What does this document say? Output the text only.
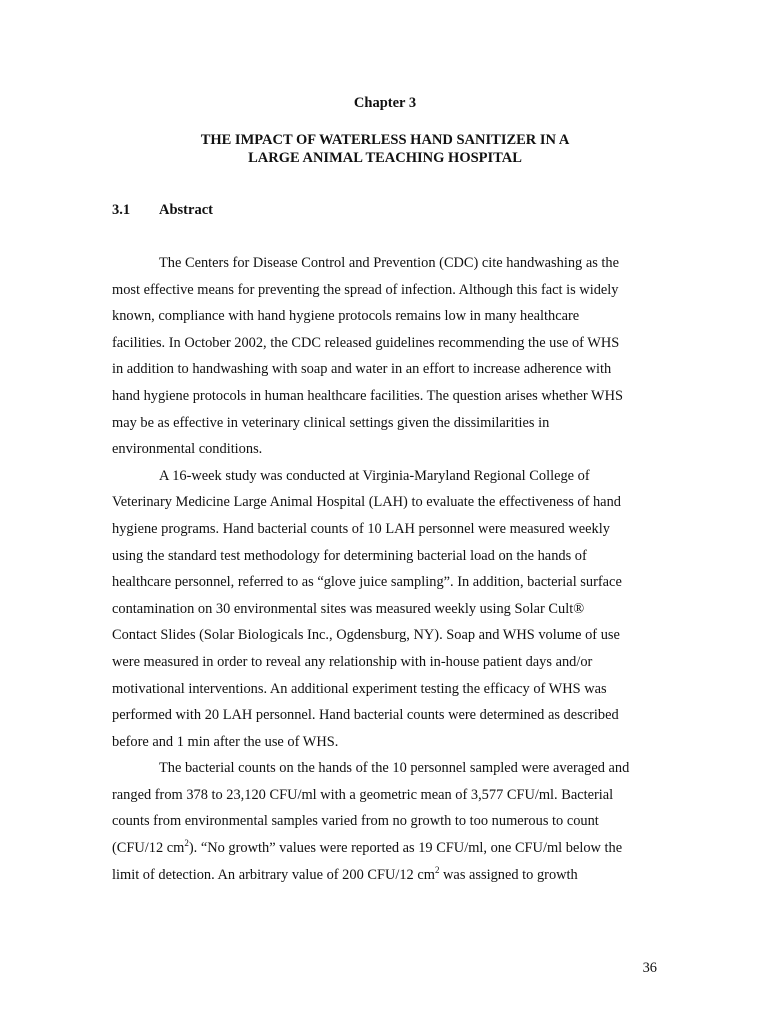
Chapter 3
THE IMPACT OF WATERLESS HAND SANITIZER IN A
LARGE ANIMAL TEACHING HOSPITAL
3.1 Abstract

The Centers for Disease Control and Prevention (CDC) cite handwashing as the
most effective means for preventing the spread of infection. Although this fact is widely
known, compliance with hand hygiene protocols remains low in many healthcare
facilities. In October 2002, the CDC released guidelines recommending the use of WHS
in addition to handwashing with soap and water in an effort to increase adherence with
hand hygiene protocols in human healthcare facilities. The question arises whether WHS
may be as effective in veterinary clinical settings given the dissimilarities in
environmental conditions.

A 16-week study was conducted at Virginia-Maryland Regional College of
Veterinary Medicine Large Animal Hospital (LAH) to evaluate the effectiveness of hand
hygiene programs. Hand bacterial counts of 10 LAH personnel were measured weekly
using the standard test methodology for determining bacterial load on the hands of
healthcare personnel, referred to as “glove juice sampling”. In addition, bacterial surface
contamination on 30 environmental sites was measured weekly using Solar Cult®
Contact Slides (Solar Biologicals Inc., Ogdensburg, NY). Soap and WHS volume of use
were measured in order to reveal any relationship with in-house patient days and/or
motivational interventions. An additional experiment testing the efficacy of WHS was
performed with 20 LAH personnel. Hand bacterial counts were determined as described
before and 1 min after the use of WHS.

The bacterial counts on the hands of the 10 personnel sampled were averaged and
ranged from 378 to 23,120 CFU/ml with a geometric mean of 3,577 CFU/ml. Bacterial
counts from environmental samples varied from no growth to too numerous to count
(CFU/12 $cm^2$). “No growth” values were reported as 19 CFU/ml, one CFU/ml below the
limit of detection. An arbitrary value of 200 CFU/12 $cm^2$ was assigned to growth

36
